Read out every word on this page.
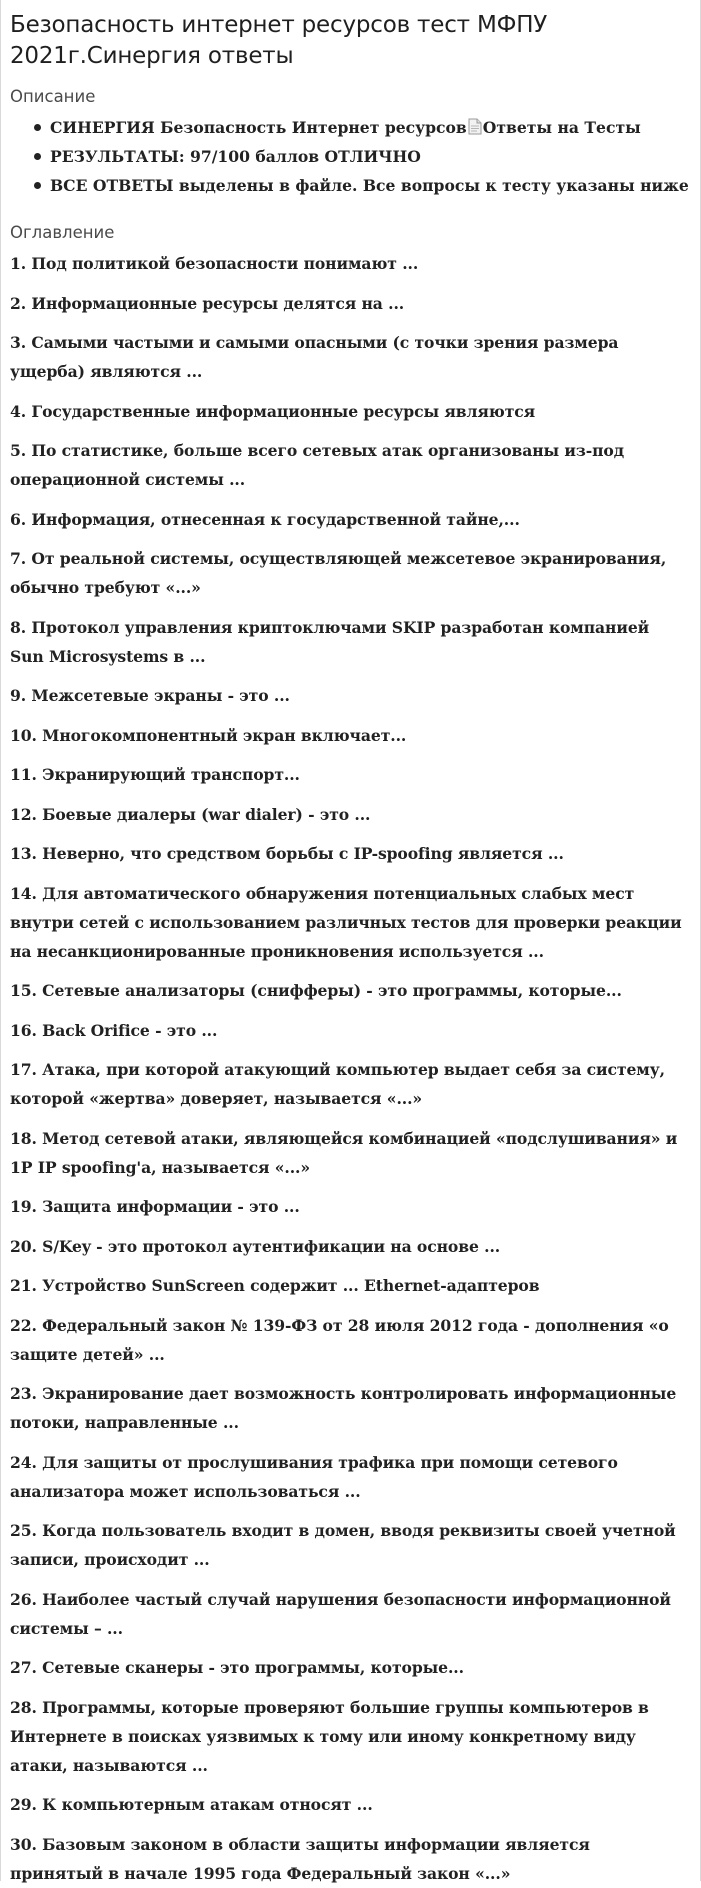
Безопасность интернет ресурсов тест МФПУ 2021г.Синергия ответы
Описание
СИНЕРГИЯ Безопасность Интернет ресурсов Ответы на Тесты
РЕЗУЛЬТАТЫ: 97/100 баллов ОТЛИЧНО
ВСЕ ОТВЕТЫ выделены в файле. Все вопросы к тесту указаны ниже
Оглавление
1. Под политикой безопасности понимают ...
2. Информационные ресурсы делятся на ...
3. Самыми частыми и самыми опасными (с точки зрения размера ущерба) являются ...
4. Государственные информационные ресурсы являются
5. По статистике, больше всего сетевых атак организованы из-под операционной системы ...
6. Информация, отнесенная к государственной тайне,...
7. От реальной системы, осуществляющей межсетевое экранирования, обычно требуют «...»
8. Протокол управления криптоключами SKIP разработан компанией Sun Microsystems в ...
9. Межсетевые экраны - это ...
10. Многокомпонентный экран включает...
11. Экранирующий транспорт...
12. Боевые диалеры (war dialer) - это ...
13. Неверно, что средством борьбы с IP-spoofing является ...
14. Для автоматического обнаружения потенциальных слабых мест внутри сетей с использованием различных тестов для проверки реакции на несанкционированные проникновения используется ...
15. Сетевые анализаторы (снифферы) - это программы, которые...
16. Back Orifice - это ...
17. Атака, при которой атакующий компьютер выдает себя за систему, которой «жертва» доверяет, называется «...»
18. Метод сетевой атаки, являющейся комбинацией «подслушивания» и 1Р IP spoofing'a, называется «...»
19. Защита информации - это ...
20. S/Key - это протокол аутентификации на основе ...
21. Устройство SunScreen содержит ... Ethernet-адаптеров
22. Федеральный закон № 139-ФЗ от 28 июля 2012 года - дополнения «о защите детей» ...
23. Экранирование дает возможность контролировать информационные потоки, направленные ...
24. Для защиты от прослушивания трафика при помощи сетевого анализатора может использоваться ...
25. Когда пользователь входит в домен, вводя реквизиты своей учетной записи, происходит ...
26. Наиболее частый случай нарушения безопасности информационной системы – ...
27. Сетевые сканеры - это программы, которые...
28. Программы, которые проверяют большие группы компьютеров в Интернете в поисках уязвимых к тому или иному конкретному виду атаки, называются ...
29. К компьютерным атакам относят ...
30. Базовым законом в области защиты информации является принятый в начале 1995 года Федеральный закон «...»
